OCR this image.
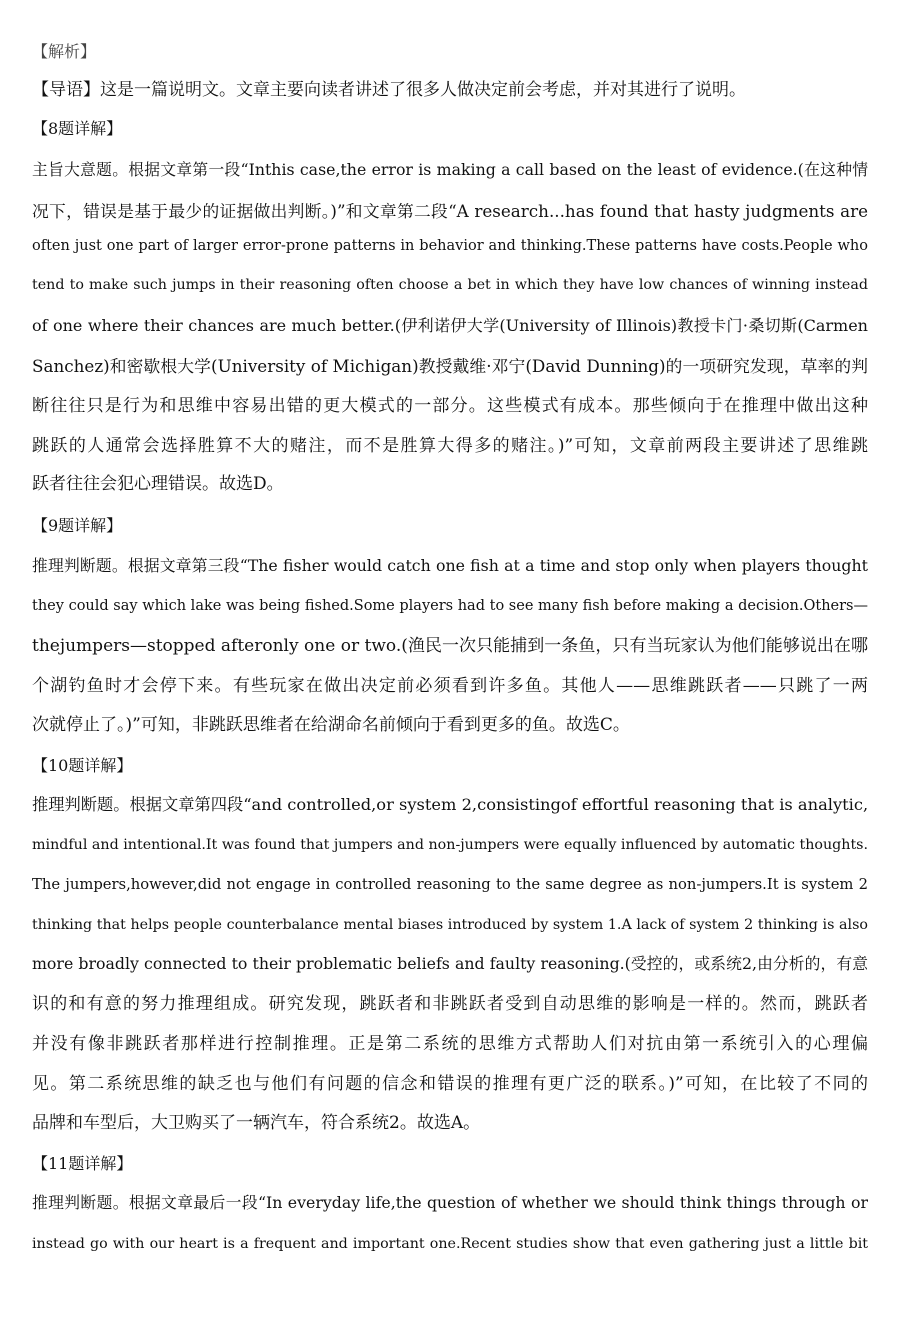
【解析】
【导语】这是一篇说明文。文章主要向读者讲述了很多人做决定前会考虑，并对其进行了说明。
【8题详解】
主旨大意题。根据文章第一段“Inthis case,the error is making a call based on the least of evidence.(在这种情
况下，错误是基于最少的证据做出判断。)”和文章第二段“A research...has found that hasty judgments are
often just one part of larger error-prone patterns in behavior and thinking.These patterns have costs.People who
tend to make such jumps in their reasoning often choose a bet in which they have low chances of winning instead
of one where their chances are much better.(伊利诺伊大学(University of Illinois)教授卡门·桑切斯(Carmen
Sanchez)和密歇根大学(University of Michigan)教授戴维·邓宁(David Dunning)的一项研究发现，草率的判
断往往只是行为和思维中容易出错的更大模式的一部分。这些模式有成本。那些倾向于在推理中做出这种
跳跃的人通常会选择胜算不大的赌注，而不是胜算大得多的赌注。)”可知，文章前两段主要讲述了思维跳
跃者往往会犯心理错误。故选D。
【9题详解】
推理判断题。根据文章第三段“The fisher would catch one fish at a time and stop only when players thought
they could say which lake was being fished.Some players had to see many fish before making a decision.Others—
thejumpers—stopped afteronly one or two.(渔民一次只能捕到一条鱼，只有当玩家认为他们能够说出在哪
个湖钓鱼时才会停下来。有些玩家在做出决定前必须看到许多鱼。其他人——思维跳跃者——只跳了一两
次就停止了。)”可知，非跳跃思维者在给湖命名前倾向于看到更多的鱼。故选C。
【10题详解】
推理判断题。根据文章第四段“and controlled,or system 2,consistingof effortful reasoning that is analytic,
mindful and intentional.It was found that jumpers and non-jumpers were equally influenced by automatic thoughts.
The jumpers,however,did not engage in controlled reasoning to the same degree as non-jumpers.It is system 2
thinking that helps people counterbalance mental biases introduced by system 1.A lack of system 2 thinking is also
more broadly connected to their problematic beliefs and faulty reasoning.(受控的，或系统2,由分析的，有意
识的和有意的努力推理组成。研究发现，跳跃者和非跳跃者受到自动思维的影响是一样的。然而，跳跃者
并没有像非跳跃者那样进行控制推理。正是第二系统的思维方式帮助人们对抗由第一系统引入的心理偏
见。第二系统思维的缺乏也与他们有问题的信念和错误的推理有更广泛的联系。)”可知，在比较了不同的
品牌和车型后，大卫购买了一辆汽车，符合系统2。故选A。
【11题详解】
推理判断题。根据文章最后一段“In everyday life,the question of whether we should think things through or
instead go with our heart is a frequent and important one.Recent studies show that even gathering just a little bit
